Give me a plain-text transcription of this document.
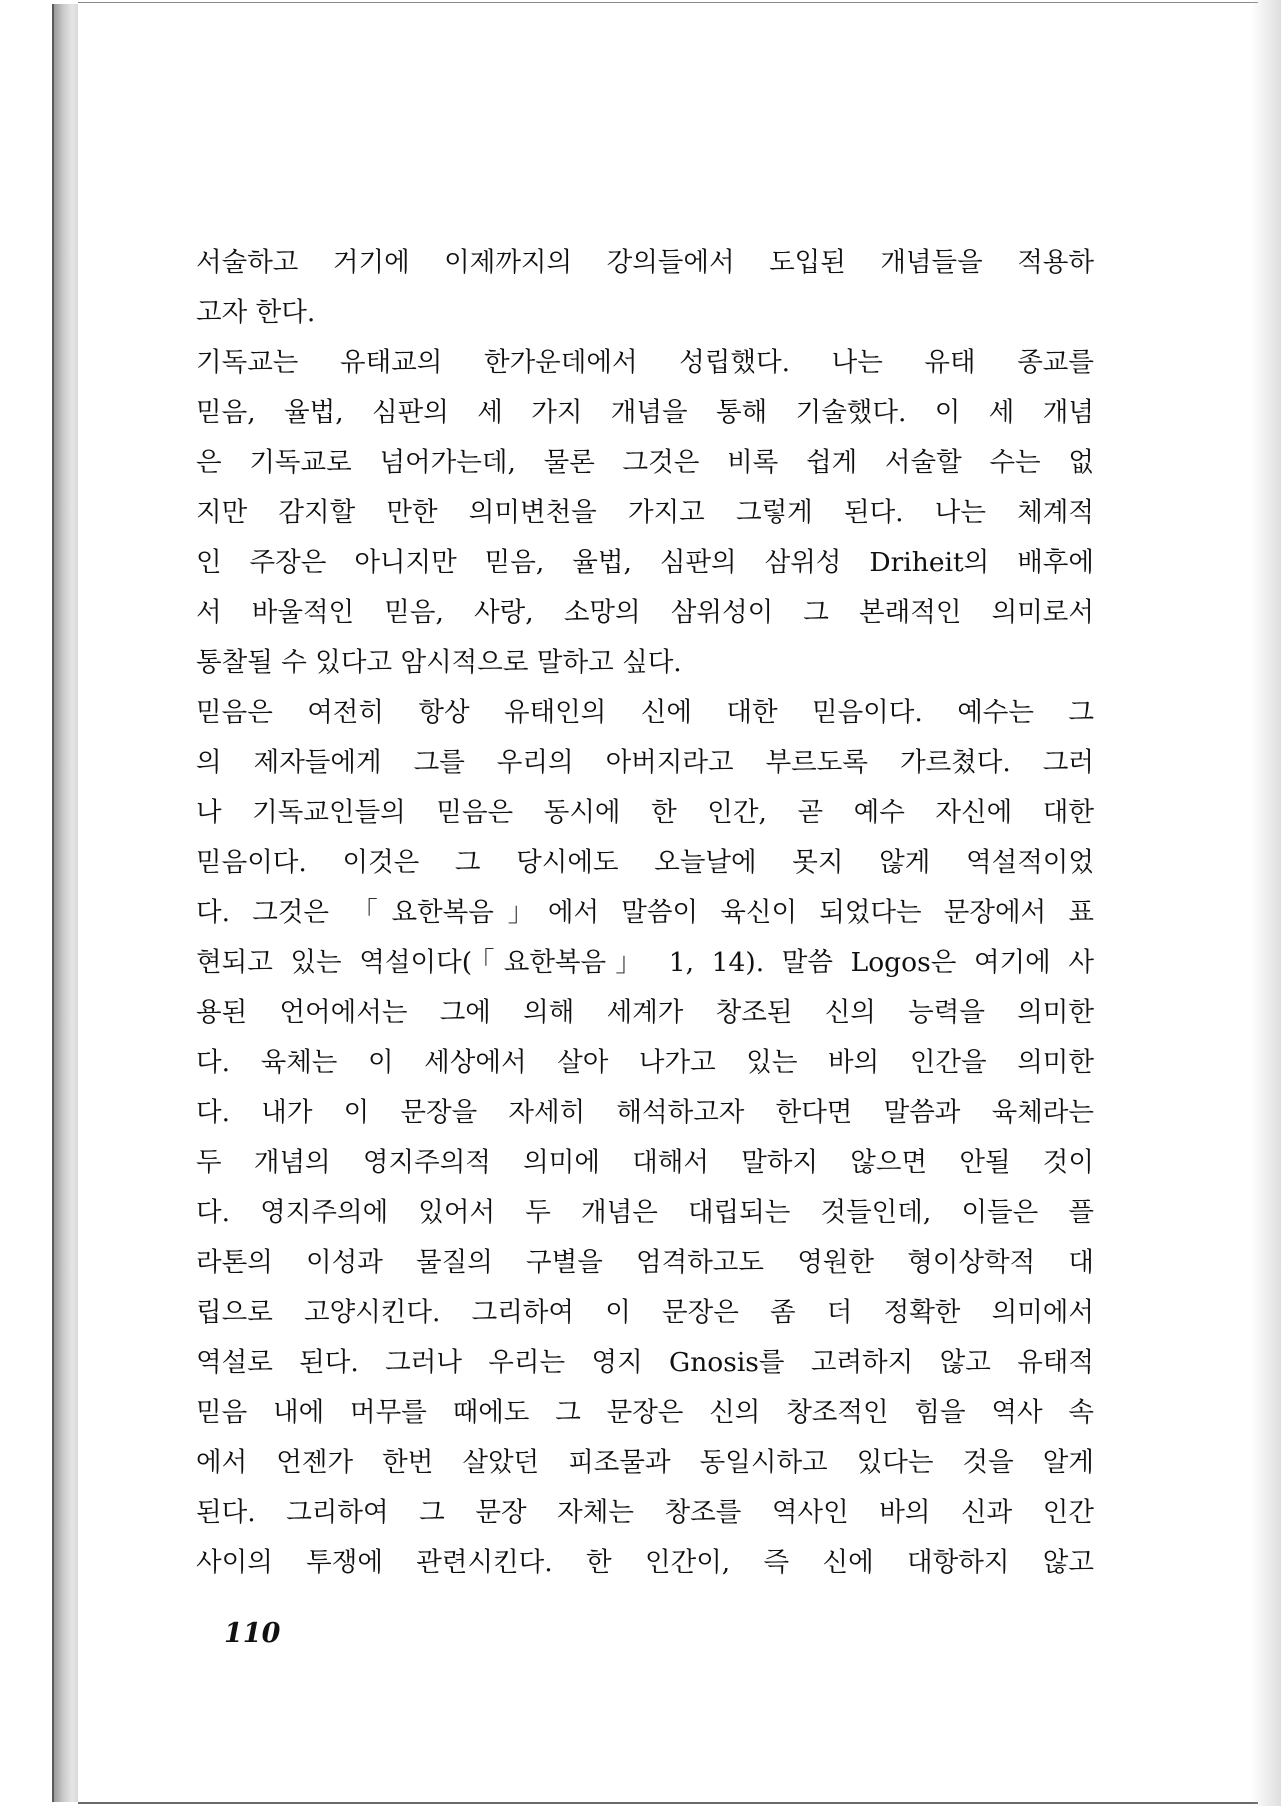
서술하고 거기에 이제까지의 강의들에서 도입된 개념들을 적용하
고자 한다.
기독교는 유태교의 한가운데에서 성립했다. 나는 유태 종교를
믿음, 율법, 심판의 세 가지 개념을 통해 기술했다. 이 세 개념
은 기독교로 넘어가는데, 물론 그것은 비록 쉽게 서술할 수는 없
지만 감지할 만한 의미변천을 가지고 그렇게 된다. 나는 체계적
인 주장은 아니지만 믿음, 율법, 심판의 삼위성 Driheit의 배후에
서 바울적인 믿음, 사랑, 소망의 삼위성이 그 본래적인 의미로서
통찰될 수 있다고 암시적으로 말하고 싶다.
믿음은 여전히 항상 유태인의 신에 대한 믿음이다. 예수는 그
의 제자들에게 그를 우리의 아버지라고 부르도록 가르쳤다. 그러
나 기독교인들의 믿음은 동시에 한 인간, 곧 예수 자신에 대한
믿음이다. 이것은 그 당시에도 오늘날에 못지 않게 역설적이었
다. 그것은 「요한복음」에서 말씀이 육신이 되었다는 문장에서 표
현되고 있는 역설이다(「요한복음」 1, 14). 말씀 Logos은 여기에 사
용된 언어에서는 그에 의해 세계가 창조된 신의 능력을 의미한
다. 육체는 이 세상에서 살아 나가고 있는 바의 인간을 의미한
다. 내가 이 문장을 자세히 해석하고자 한다면 말씀과 육체라는
두 개념의 영지주의적 의미에 대해서 말하지 않으면 안될 것이
다. 영지주의에 있어서 두 개념은 대립되는 것들인데, 이들은 플
라톤의 이성과 물질의 구별을 엄격하고도 영원한 형이상학적 대
립으로 고양시킨다. 그리하여 이 문장은 좀 더 정확한 의미에서
역설로 된다. 그러나 우리는 영지 Gnosis를 고려하지 않고 유태적
믿음 내에 머무를 때에도 그 문장은 신의 창조적인 힘을 역사 속
에서 언젠가 한번 살았던 피조물과 동일시하고 있다는 것을 알게
된다. 그리하여 그 문장 자체는 창조를 역사인 바의 신과 인간
사이의 투쟁에 관련시킨다. 한 인간이, 즉 신에 대항하지 않고
110
